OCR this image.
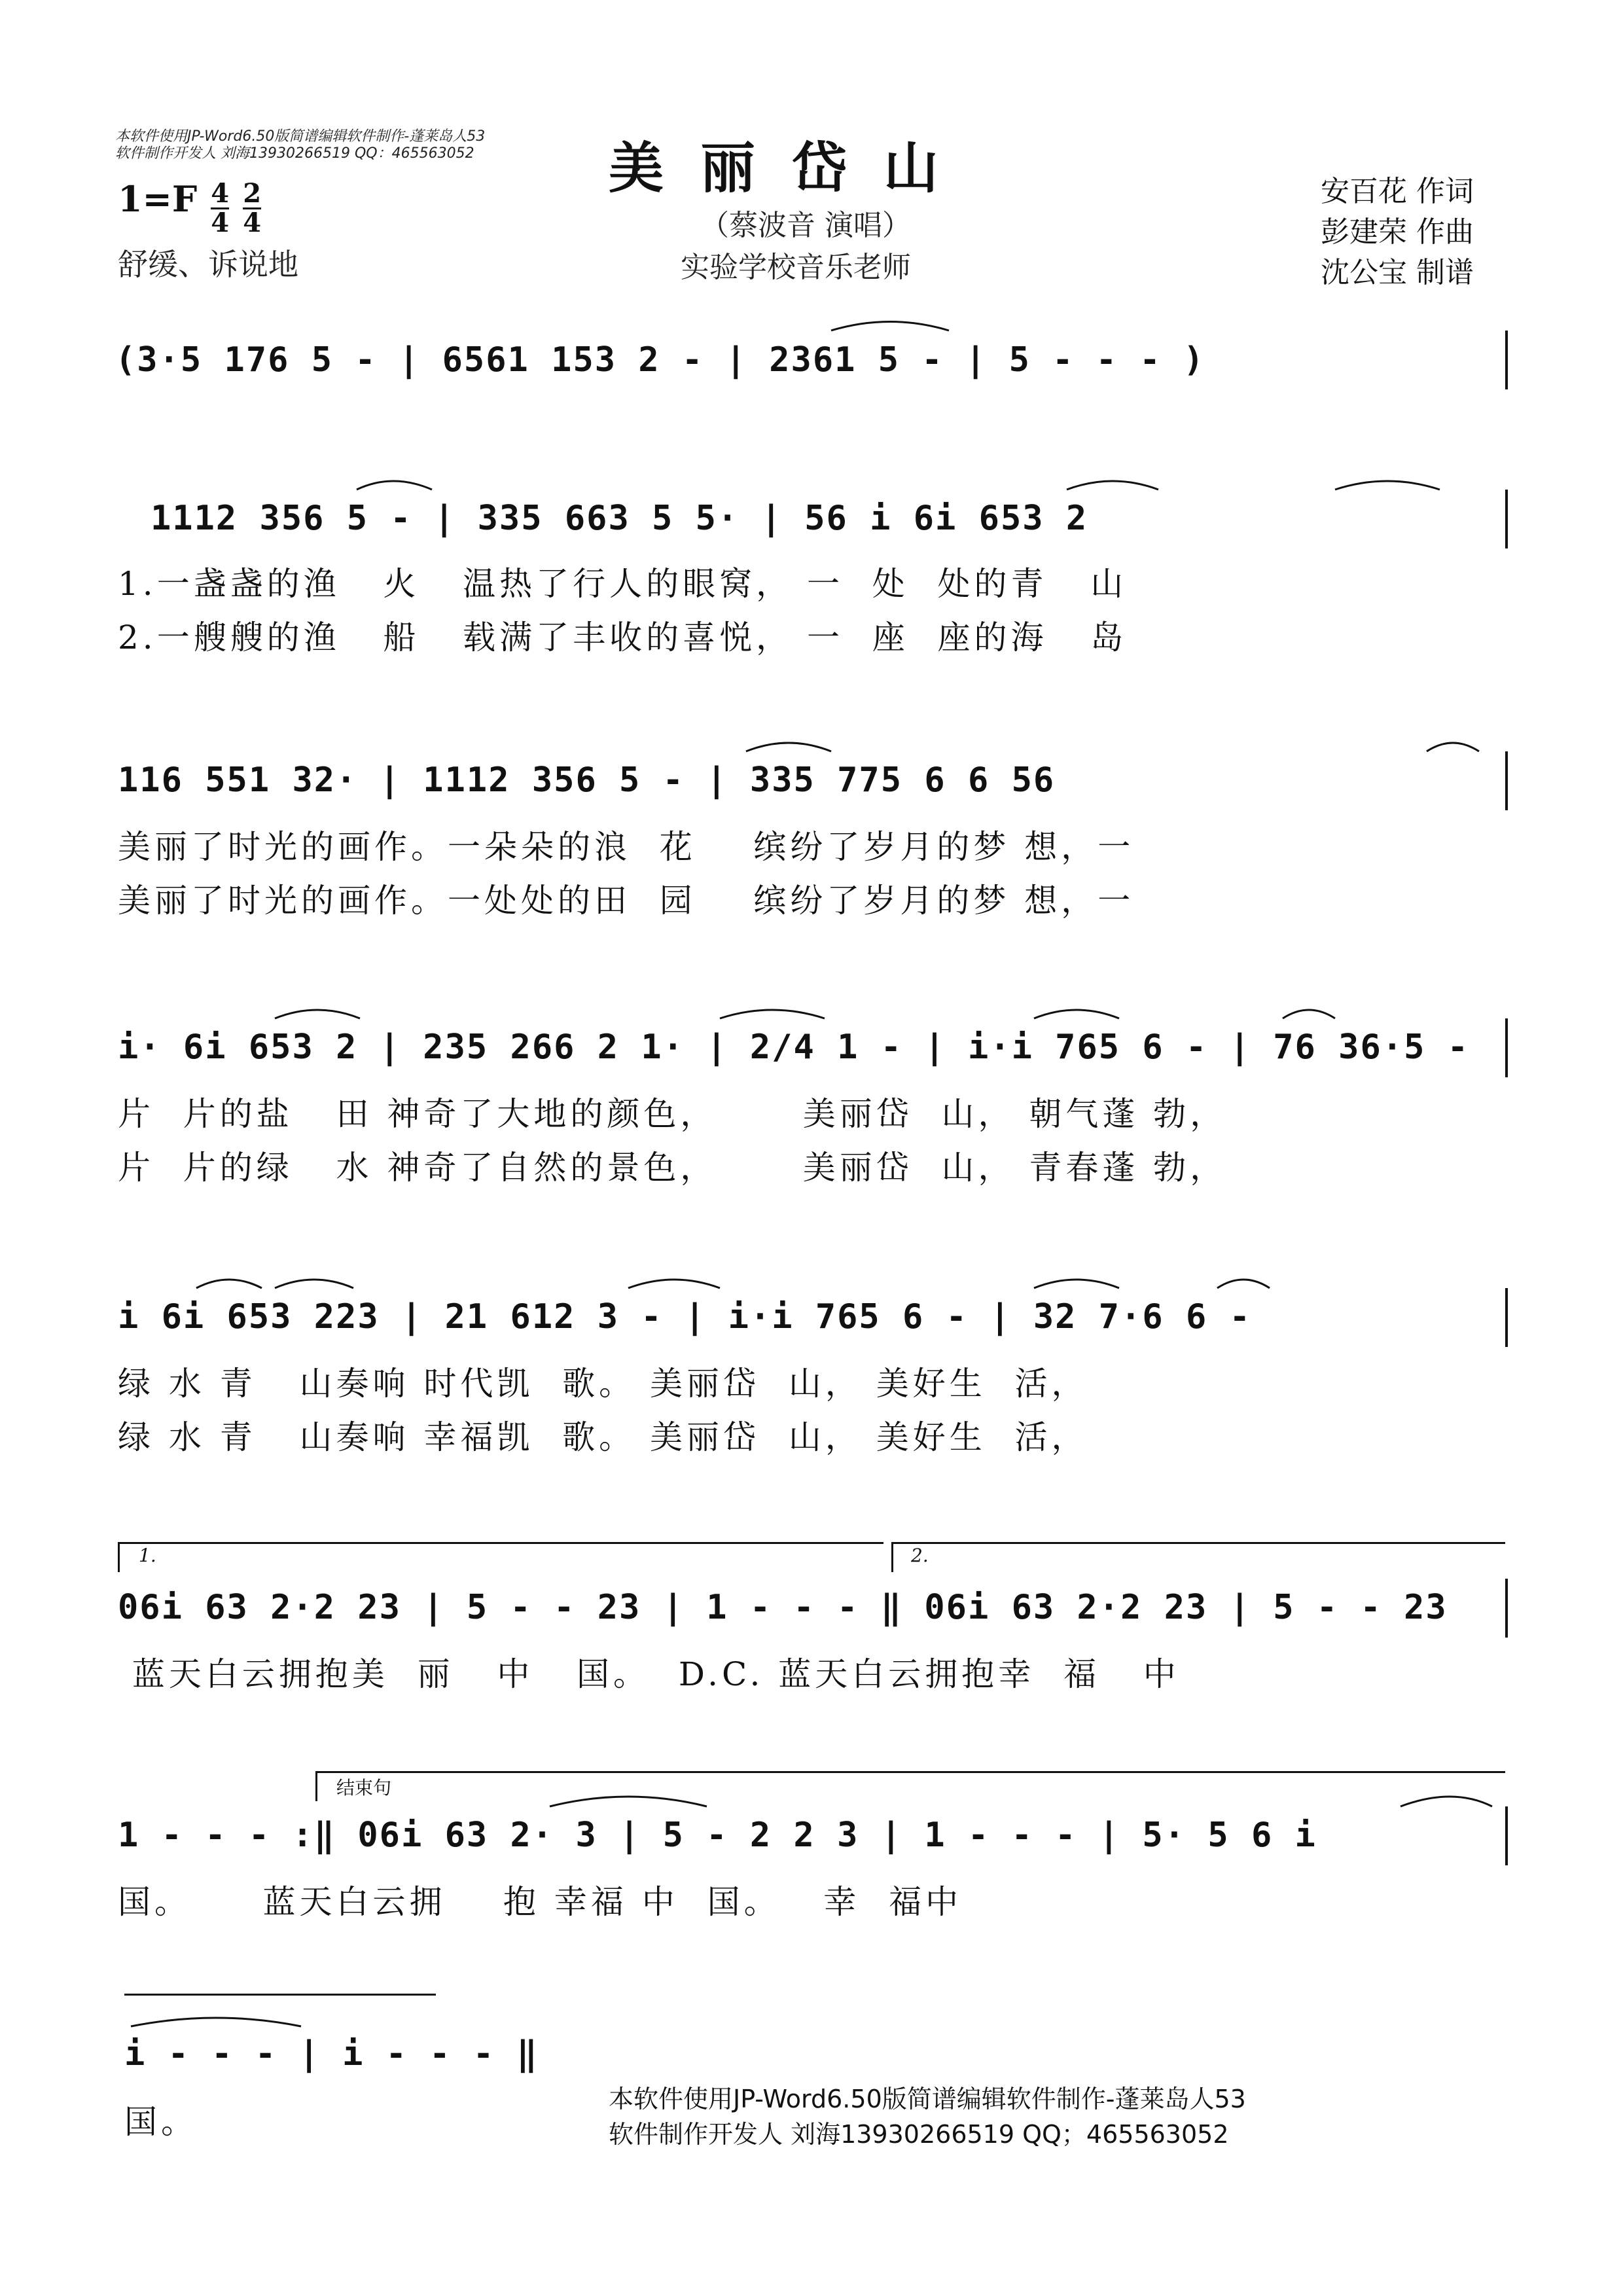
本软件使用JP-Word6.50版简谱编辑软件制作-蓬莱岛人53
软件制作开发人 刘海13930266519 QQ：465563052 美丽岱山
（蔡波音 演唱）
实验学校音乐老师
$1=F \frac{4}{4}$
$\frac{2}{4}$
舒缓、诉说地
安百花 作词
彭建荣 作曲
沈公宝 制谱
(3·5 176 5 - | 6561 153 2 - | 2361 5 - | 5 - - - )
1112 356 5 - | 335 663 5 5· | 56 i 6i 653 2
1.一盏盏的渔   火   温热了行人的眼窝， 一  处  处的青   山
2.一艘艘的渔   船   载满了丰收的喜悦， 一  座  座的海   岛
116 551 32· | 1112 356 5 - | 335 775 6 6 56
美丽了时光的画作。一朵朵的浪  花    缤纷了岁月的梦 想，一
美丽了时光的画作。一处处的田  园    缤纷了岁月的梦 想，一
i· 6i 653 2 | 235 266 2 1· | 2/4 1 - | i·i 765 6 - | 76 36·5 -
片  片的盐   田 神奇了大地的颜色，      美丽岱  山， 朝气蓬 勃，
片  片的绿   水 神奇了自然的景色，      美丽岱  山， 青春蓬 勃，
i 6i 653 223 | 21 612 3 - | i·i 765 6 - | 32 7·6 6 -
绿 水 青   山奏响 时代凯  歌。 美丽岱  山， 美好生  活，
绿 水 青   山奏响 幸福凯  歌。 美丽岱  山， 美好生  活，
1.	2.
06i 63 2·2 23 | 5 - - 23 | 1 - - - ‖ 06i 63 2·2 23 | 5 - - 23
蓝天白云拥抱美  丽   中   国。  D.C. 蓝天白云拥抱幸  福   中
结束句
1 - - - :‖ 06i 63 2· 3 | 5 - 2 2 3 | 1 - - - | 5· 5 6 i
国。     蓝天白云拥    抱 幸福 中  国。   幸  福中
i - - - | i - - - ‖
国。
本软件使用JP-Word6.50版简谱编辑软件制作-蓬莱岛人53
软件制作开发人 刘海13930266519 QQ；465563052
